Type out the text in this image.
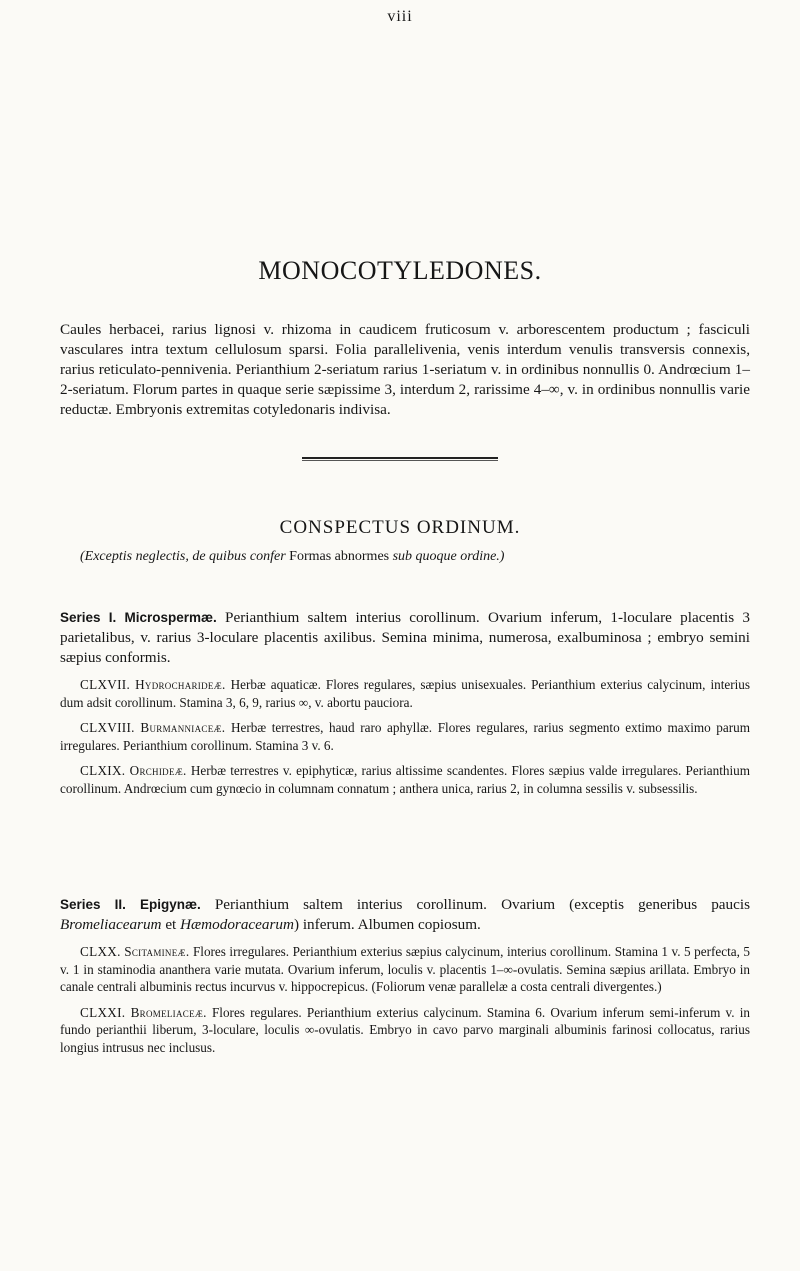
viii
MONOCOTYLEDONES.

Caules herbacei, rarius lignosi v. rhizoma in caudicem fruticosum v. arborescentem productum ; fasciculi vasculares intra textum cellulosum sparsi. Folia parallelivenia, venis interdum venulis transversis connexis, rarius reticulato-pennivenia. Perianthium 2-seriatum rarius 1-seriatum v. in ordinibus nonnullis 0. Andrœcium 1–2-seriatum. Florum partes in quaque serie sæpissime 3, interdum 2, rarissime 4–∞, v. in ordinibus nonnullis varie reductæ. Embryonis extremitas cotyledonaris indivisa.

CONSPECTUS ORDINUM.
(Exceptis neglectis, de quibus confer Formas abnormes sub quoque ordine.)

Series I. Microspermæ. Perianthium saltem interius corollinum. Ovarium inferum, 1-loculare placentis 3 parietalibus, v. rarius 3-loculare placentis axilibus. Semina minima, numerosa, exalbuminosa ; embryo semini sæpius conformis.

CLXVII. Hydrocharideæ. Herbæ aquaticæ. Flores regulares, sæpius unisexuales. Perianthium exterius calycinum, interius dum adsit corollinum. Stamina 3, 6, 9, rarius ∞, v. abortu pauciora.

CLXVIII. Burmanniaceæ. Herbæ terrestres, haud raro aphyllæ. Flores regulares, rarius segmento extimo maximo parum irregulares. Perianthium corollinum. Stamina 3 v. 6.

CLXIX. Orchideæ. Herbæ terrestres v. epiphyticæ, rarius altissime scandentes. Flores sæpius valde irregulares. Perianthium corollinum. Andrœcium cum gynœcio in columnam connatum ; anthera unica, rarius 2, in columna sessilis v. subsessilis.

Series II. Epigynæ. Perianthium saltem interius corollinum. Ovarium (exceptis generibus paucis Bromeliacearum et Hæmodoracearum) inferum. Albumen copiosum.

CLXX. Scitamineæ. Flores irregulares. Perianthium exterius sæpius calycinum, interius corollinum. Stamina 1 v. 5 perfecta, 5 v. 1 in staminodia ananthera varie mutata. Ovarium inferum, loculis v. placentis 1–∞-ovulatis. Semina sæpius arillata. Embryo in canale centrali albuminis rectus incurvus v. hippocrepicus. (Foliorum venæ parallelæ a costa centrali divergentes.)

CLXXI. Bromeliaceæ. Flores regulares. Perianthium exterius calycinum. Stamina 6. Ovarium inferum semi-inferum v. in fundo perianthii liberum, 3-loculare, loculis ∞-ovulatis. Embryo in cavo parvo marginali albuminis farinosi collocatus, rarius longius intrusus nec inclusus.
